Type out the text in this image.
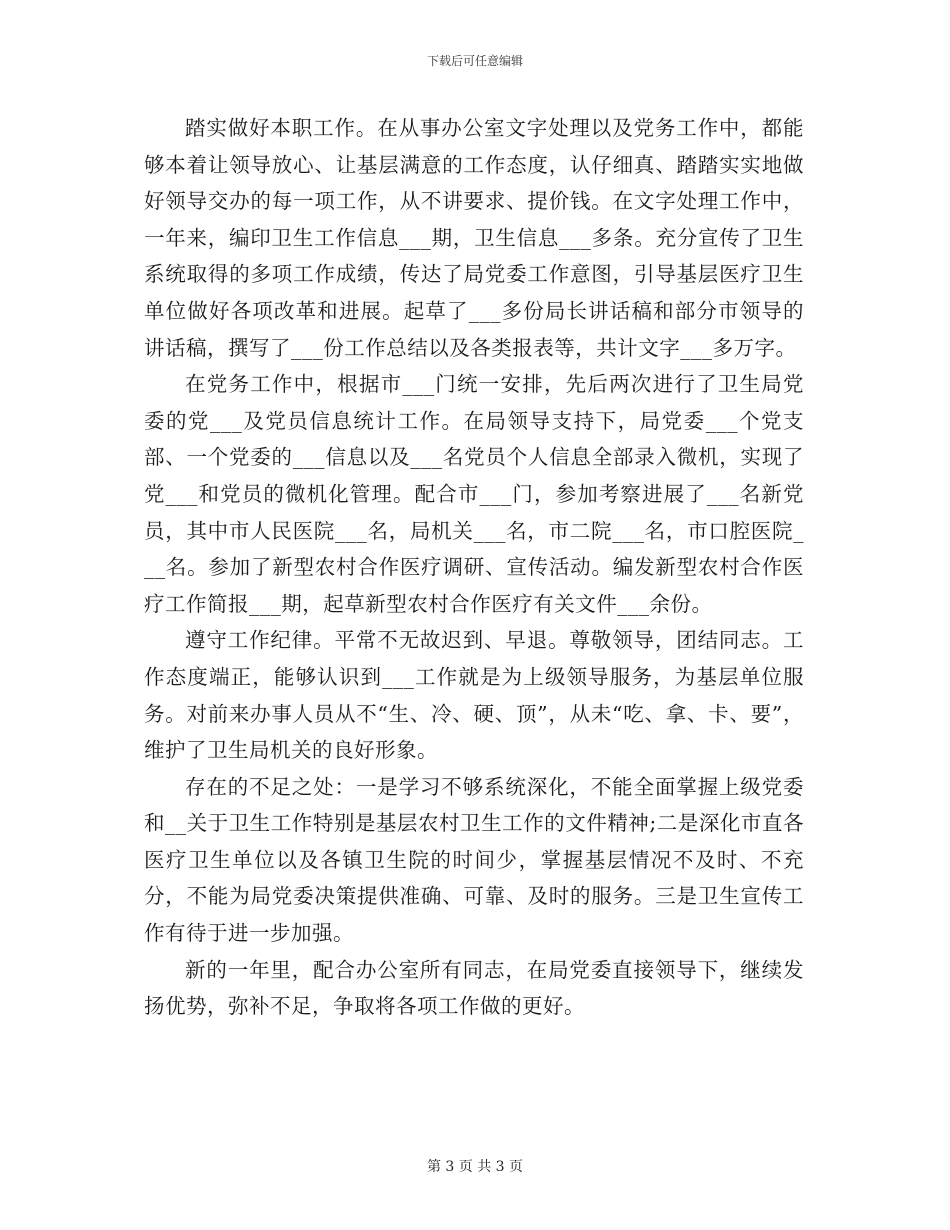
下载后可任意编辑

踏实做好本职工作。在从事办公室文字处理以及党务工作中，都能够本着让领导放心、让基层满意的工作态度，认仔细真、踏踏实实地做好领导交办的每一项工作，从不讲要求、提价钱。在文字处理工作中，一年来，编印卫生工作信息___期，卫生信息___多条。充分宣传了卫生系统取得的多项工作成绩，传达了局党委工作意图，引导基层医疗卫生单位做好各项改革和进展。起草了___多份局长讲话稿和部分市领导的讲话稿，撰写了___份工作总结以及各类报表等，共计文字___多万字。

在党务工作中，根据市___门统一安排，先后两次进行了卫生局党委的党___及党员信息统计工作。在局领导支持下，局党委___个党支部、一个党委的___信息以及___名党员个人信息全部录入微机，实现了党___和党员的微机化管理。配合市___门，参加考察进展了___名新党员，其中市人民医院___名，局机关___名，市二院___名，市口腔医院___名。参加了新型农村合作医疗调研、宣传活动。编发新型农村合作医疗工作简报___期，起草新型农村合作医疗有关文件___余份。

遵守工作纪律。平常不无故迟到、早退。尊敬领导，团结同志。工作态度端正，能够认识到___工作就是为上级领导服务，为基层单位服务。对前来办事人员从不“生、冷、硬、顶”，从未“吃、拿、卡、要”，维护了卫生局机关的良好形象。

存在的不足之处：一是学习不够系统深化，不能全面掌握上级党委和__关于卫生工作特别是基层农村卫生工作的文件精神;二是深化市直各医疗卫生单位以及各镇卫生院的时间少，掌握基层情况不及时、不充分，不能为局党委决策提供准确、可靠、及时的服务。三是卫生宣传工作有待于进一步加强。

新的一年里，配合办公室所有同志，在局党委直接领导下，继续发扬优势，弥补不足，争取将各项工作做的更好。

第 3 页 共 3 页
